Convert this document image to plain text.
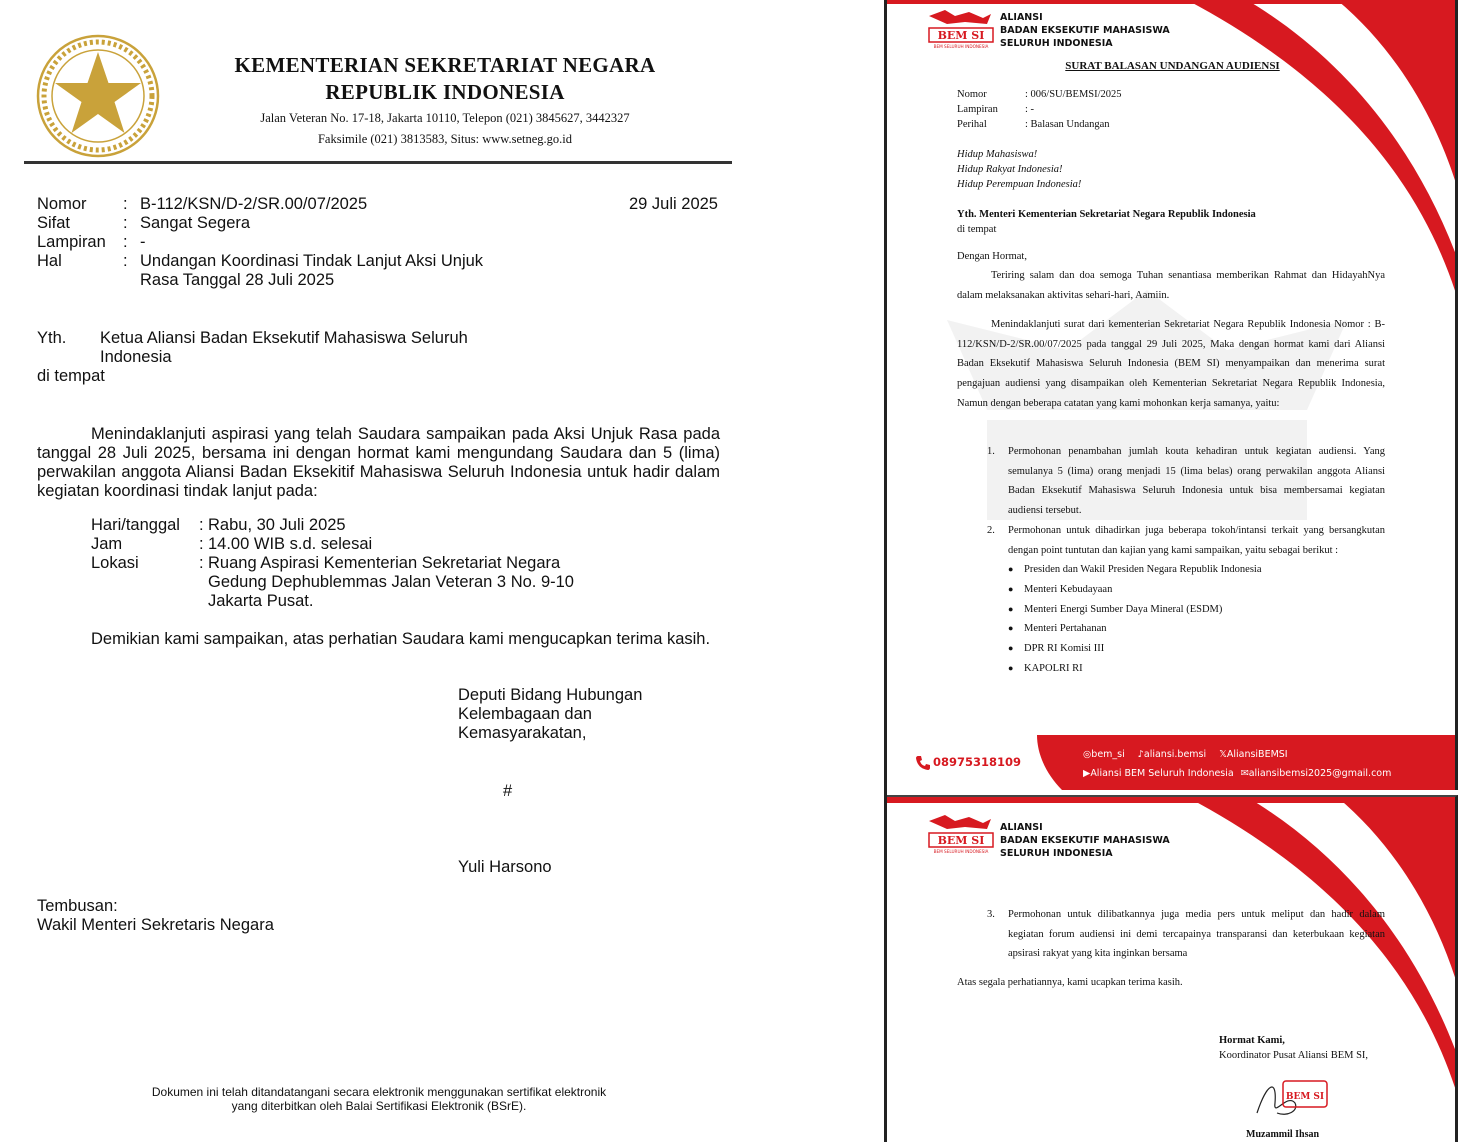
KEMENTERIAN SEKRETARIAT NEGARA
REPUBLIK INDONESIA
Jalan Veteran No. 17-18, Jakarta 10110, Telepon (021) 3845627, 3442327
Faksimile (021) 3813583, Situs: www.setneg.go.id
Nomor	:	B-112/KSN/D-2/SR.00/07/2025
Sifat	:	Sangat Segera
Lampiran	:	-
Hal	:	Undangan Koordinasi Tindak Lanjut Aksi Unjuk
Rasa Tanggal 28 Juli 2025
29 Juli 2025
Yth.	Ketua Aliansi Badan Eksekutif Mahasiswa Seluruh
Indonesia
di tempat
Menindaklanjuti aspirasi yang telah Saudara sampaikan pada Aksi Unjuk Rasa pada tanggal 28 Juli 2025, bersama ini dengan hormat kami mengundang Saudara dan 5 (lima) perwakilan anggota Aliansi Badan Eksekitif Mahasiswa Seluruh Indonesia untuk hadir dalam kegiatan koordinasi tindak lanjut pada:
Hari/tanggal	:	Rabu, 30 Juli 2025
Jam	:	14.00 WIB s.d. selesai
Lokasi	:	Ruang Aspirasi Kementerian Sekretariat Negara
Gedung Dephublemmas Jalan Veteran 3 No. 9-10
Jakarta Pusat.
Demikian kami sampaikan, atas perhatian Saudara kami mengucapkan terima kasih.
Deputi Bidang Hubungan
Kelembagaan dan
Kemasyarakatan,
#
Yuli Harsono
Tembusan:
Wakil Menteri Sekretaris Negara
Dokumen ini telah ditandatangani secara elektronik menggunakan sertifikat elektronik
yang diterbitkan oleh Balai Sertifikasi Elektronik (BSrE).
BEM SI
BEM SELURUH INDONESIA
ALIANSI
BADAN EKSEKUTIF MAHASISWA
SELURUH INDONESIA
SURAT BALASAN UNDANGAN AUDIENSI
Nomor	: 006/SU/BEMSI/2025
Lampiran	: -
Perihal	: Balasan Undangan
Hidup Mahasiswa!
Hidup Rakyat Indonesia!
Hidup Perempuan Indonesia!
Yth. Menteri Kementerian Sekretariat Negara Republik Indonesia
di tempat
Dengan Hormat,
Teriring salam dan doa semoga Tuhan senantiasa memberikan Rahmat dan HidayahNya dalam melaksanakan aktivitas sehari-hari, Aamiin.
Menindaklanjuti surat dari kementerian Sekretariat Negara Republik Indonesia Nomor : B-112/KSN/D-2/SR.00/07/2025 pada tanggal 29 Juli 2025, Maka dengan hormat kami dari Aliansi Badan Eksekutif Mahasiswa Seluruh Indonesia (BEM SI) menyampaikan dan menerima surat pengajuan audiensi yang disampaikan oleh Kementerian Sekretariat Negara Republik Indonesia, Namun dengan beberapa catatan yang kami mohonkan kerja samanya, yaitu:
1.	Permohonan penambahan jumlah kouta kehadiran untuk kegiatan audiensi. Yang semulanya 5 (lima) orang menjadi 15 (lima belas) orang perwakilan anggota Aliansi Badan Eksekutif Mahasiswa Seluruh Indonesia untuk bisa membersamai kegiatan audiensi tersebut.
2.	Permohonan untuk dihadirkan juga beberapa tokoh/intansi terkait yang bersangkutan dengan point tuntutan dan kajian yang kami sampaikan, yaitu sebagai berikut :
●	Presiden dan Wakil Presiden Negara Republik Indonesia
●	Menteri Kebudayaan
●	Menteri Energi Sumber Daya Mineral (ESDM)
●	Menteri Pertahanan
●	DPR RI Komisi III
●	KAPOLRI RI
08975318109
◎bem_si ♪aliansi.bemsi 𝕏AliansiBEMSI
▶Aliansi BEM Seluruh Indonesia ✉aliansibemsi2025@gmail.com
BEM SI
BEM SELURUH INDONESIA
ALIANSI
BADAN EKSEKUTIF MAHASISWA
SELURUH INDONESIA
3.	Permohonan untuk dilibatkannya juga media pers untuk meliput dan hadir dalam kegiatan forum audiensi ini demi tercapainya transparansi dan keterbukaan kegiatan apsirasi rakyat yang kita inginkan bersama
Atas segala perhatiannya, kami ucapkan terima kasih.
Hormat Kami,
Koordinator Pusat Aliansi BEM SI,
BEM SI
Muzammil Ihsan
